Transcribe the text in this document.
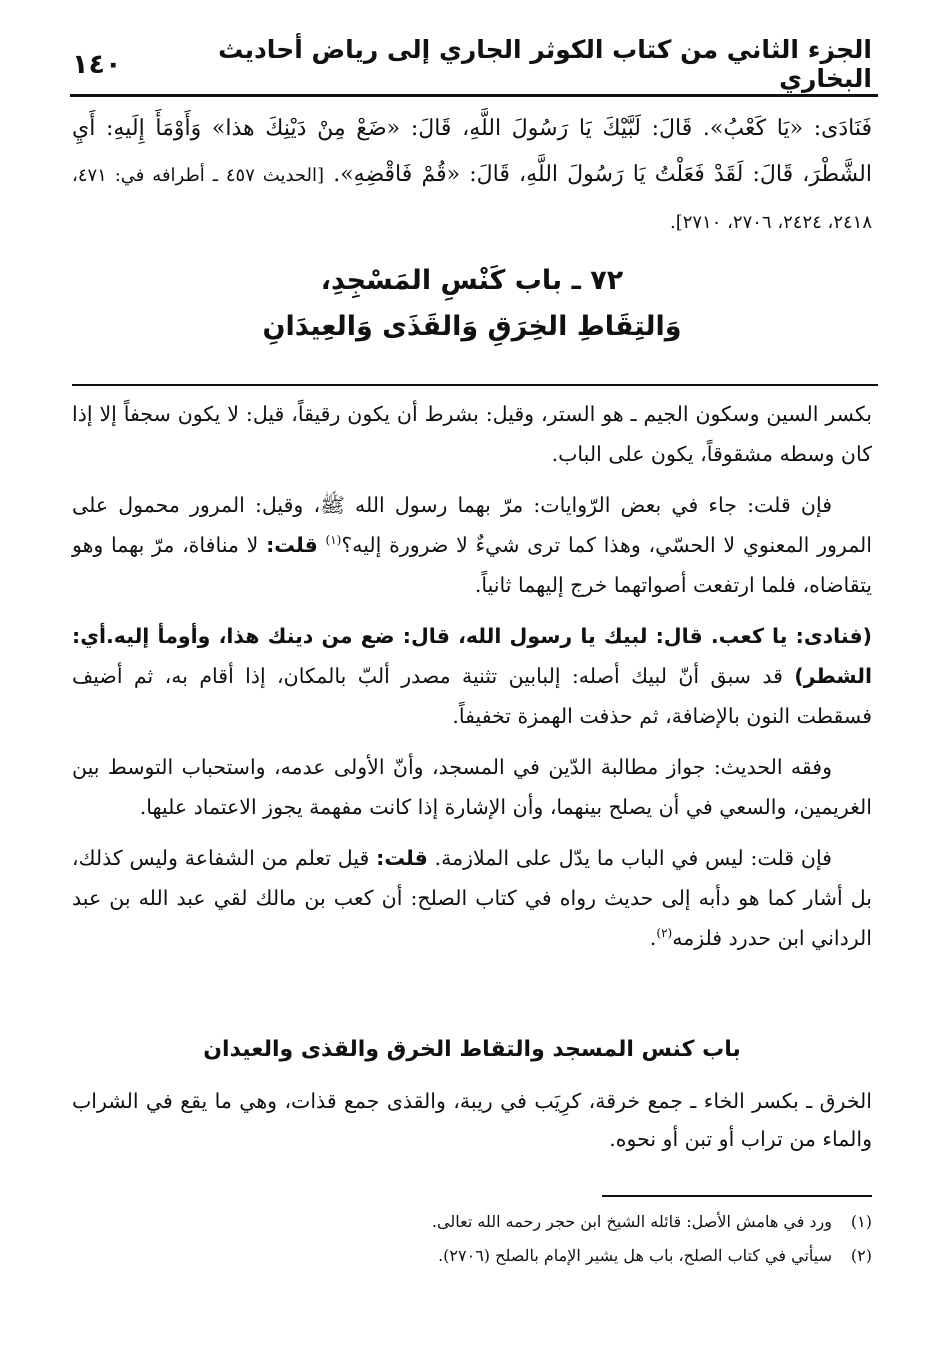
الجزء الثاني من كتاب الكوثر الجاري إلى رياض أحاديث البخاري
١٤٠
فَنَادَى: «يَا كَعْبُ». قَالَ: لَبَّيْكَ يَا رَسُولَ اللَّهِ، قَالَ: «ضَعْ مِنْ دَيْنِكَ هذا» وَأَوْمَأَ إِلَيهِ: أَيِ الشَّطْرَ، قَالَ: لَقَدْ فَعَلْتُ يَا رَسُولَ اللَّهِ، قَالَ: «قُمْ فَاقْضِهِ». [الحديث ٤٥٧ ـ أطرافه في: ٤٧١، ٢٤١٨، ٢٤٢٤، ٢٧٠٦، ٢٧١٠].
٧٢ ـ باب كَنْسِ المَسْجِدِ،
وَالتِقَاطِ الخِرَقِ وَالقَذَى وَالعِيدَانِ

بكسر السين وسكون الجيم ـ هو الستر، وقيل: بشرط أن يكون رقيقاً، قيل: لا يكون سجفاً إلا إذا كان وسطه مشقوقاً، يكون على الباب.

فإن قلت: جاء في بعض الرّوايات: مرّ بهما رسول الله ﷺ، وقيل: المرور محمول على المرور المعنوي لا الحسّي، وهذا كما ترى شيءٌ لا ضرورة إليه؟$^{(١)}$ قلت: لا منافاة، مرّ بهما وهو يتقاضاه، فلما ارتفعت أصواتهما خرج إليهما ثانياً.

(فنادى: يا كعب. قال: لبيك يا رسول الله، قال: ضع من دينك هذا، وأومأ إليه.أي: الشطر) قد سبق أنّ لبيك أصله: إلبابين تثنية مصدر ألبّ بالمكان، إذا أقام به، ثم أضيف فسقطت النون بالإضافة، ثم حذفت الهمزة تخفيفاً.

وفقه الحديث: جواز مطالبة الدّين في المسجد، وأنّ الأولى عدمه، واستحباب التوسط بين الغريمين، والسعي في أن يصلح بينهما، وأن الإشارة إذا كانت مفهمة يجوز الاعتماد عليها.

فإن قلت: ليس في الباب ما يدّل على الملازمة. قلت: قيل تعلم من الشفاعة وليس كذلك، بل أشار كما هو دأبه إلى حديث رواه في كتاب الصلح: أن كعب بن مالك لقي عبد الله بن عبد الرداني ابن حدرد فلزمه$^{(٢)}$.

باب كنس المسجد والتقاط الخرق والقذى والعيدان
الخرق ـ بكسر الخاء ـ جمع خرقة، كرِيَب في ريبة، والقذى جمع قذات، وهي ما يقع في الشراب والماء من تراب أو تبن أو نحوه.
(١)
ورد في هامش الأصل: قائله الشيخ ابن حجر رحمه الله تعالى.
(٢)
سيأتي في كتاب الصلح، باب هل يشير الإمام بالصلح (٢٧٠٦).
